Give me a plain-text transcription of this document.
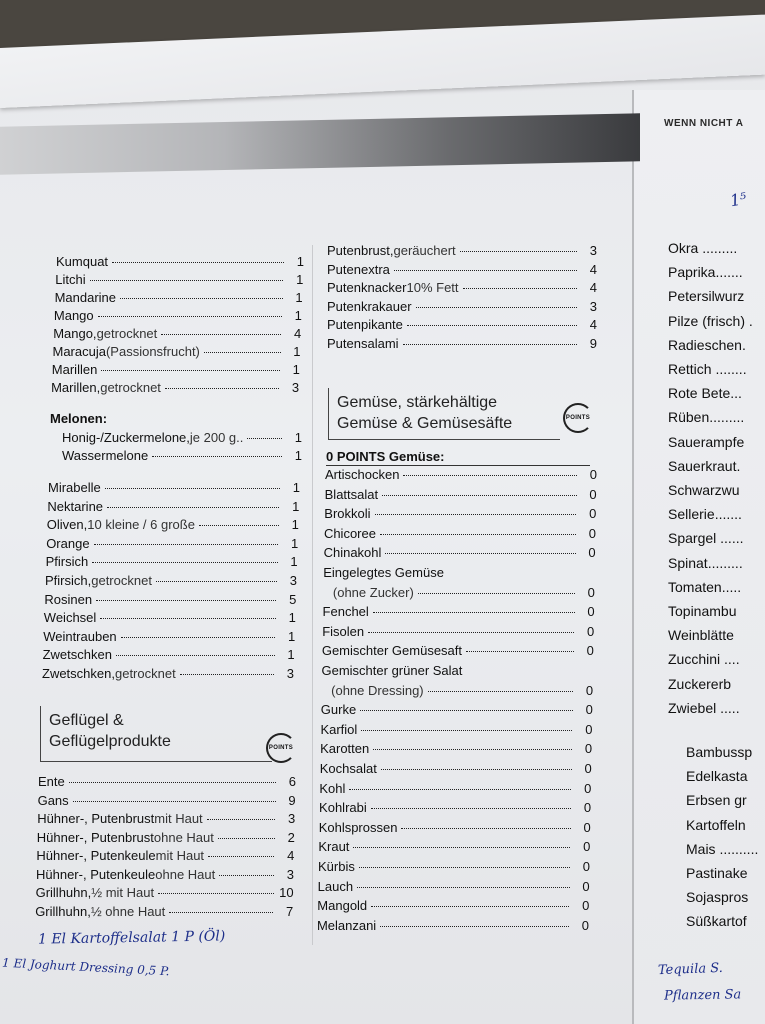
WENN NICHT A
Kumquat	1
Litchi	1
Mandarine	1
Mango	1
Mango, getrocknet	4
Maracuja (Passionsfrucht)	1
Marillen	1
Marillen, getrocknet	3
Melonen:
Honig-/Zuckermelone, je 200 g..	1
Wassermelone	1
Mirabelle	1
Nektarine	1
Oliven, 10 kleine / 6 große	1
Orange	1
Pfirsich	1
Pfirsich, getrocknet	3
Rosinen	5
Weichsel	1
Weintrauben	1
Zwetschken	1
Zwetschken, getrocknet	3
Ente	6
Gans	9
Hühner-, Putenbrust mit Haut	3
Hühner-, Putenbrust ohne Haut	2
Hühner-, Putenkeule mit Haut	4
Hühner-, Putenkeule ohne Haut	3
Grillhuhn, ½ mit Haut	10
Grillhuhn, ½ ohne Haut	7
Putenbrust, geräuchert	3
Putenextra	4
Putenknacker 10% Fett	4
Putenkrakauer	3
Putenpikante	4
Putensalami	9
0 POINTS Gemüse:
Artischocken	0
Blattsalat	0
Brokkoli	0
Chicoree	0
Chinakohl	0
Eingelegtes Gemüse
(ohne Zucker)	0
Fenchel	0
Fisolen	0
Gemischter Gemüsesaft	0
Gemischter grüner Salat
(ohne Dressing)	0
Gurke	0
Karfiol	0
Karotten	0
Kochsalat	0
Kohl	0
Kohlrabi	0
Kohlsprossen	0
Kraut	0
Kürbis	0
Lauch	0
Mangold	0
Melanzani	0
Okra .........
Paprika.......
Petersilwurz
Pilze (frisch) .
Radieschen.
Rettich ........
Rote Bete...
Rüben.........
Sauerampfe
Sauerkraut.
Schwarzwu
Sellerie.......
Spargel ......
Spinat.........
Tomaten.....
Topinambu
Weinblätte
Zucchini ....
Zuckererb
Zwiebel .....
Bambussp
Edelkasta
Erbsen gr
Kartoffeln
Mais ..........
Pastinake
Sojaspros
Süßkartof
Geflügel &
Geflügelprodukte	POINTS
Gemüse, stärkehältige
Gemüse & Gemüsesäfte	POINTS
1 El Kartoffelsalat 1 P (Öl)
1 El Joghurt Dressing 0,5 P.	Tequila S.
Pflanzen Sa
1⁵
